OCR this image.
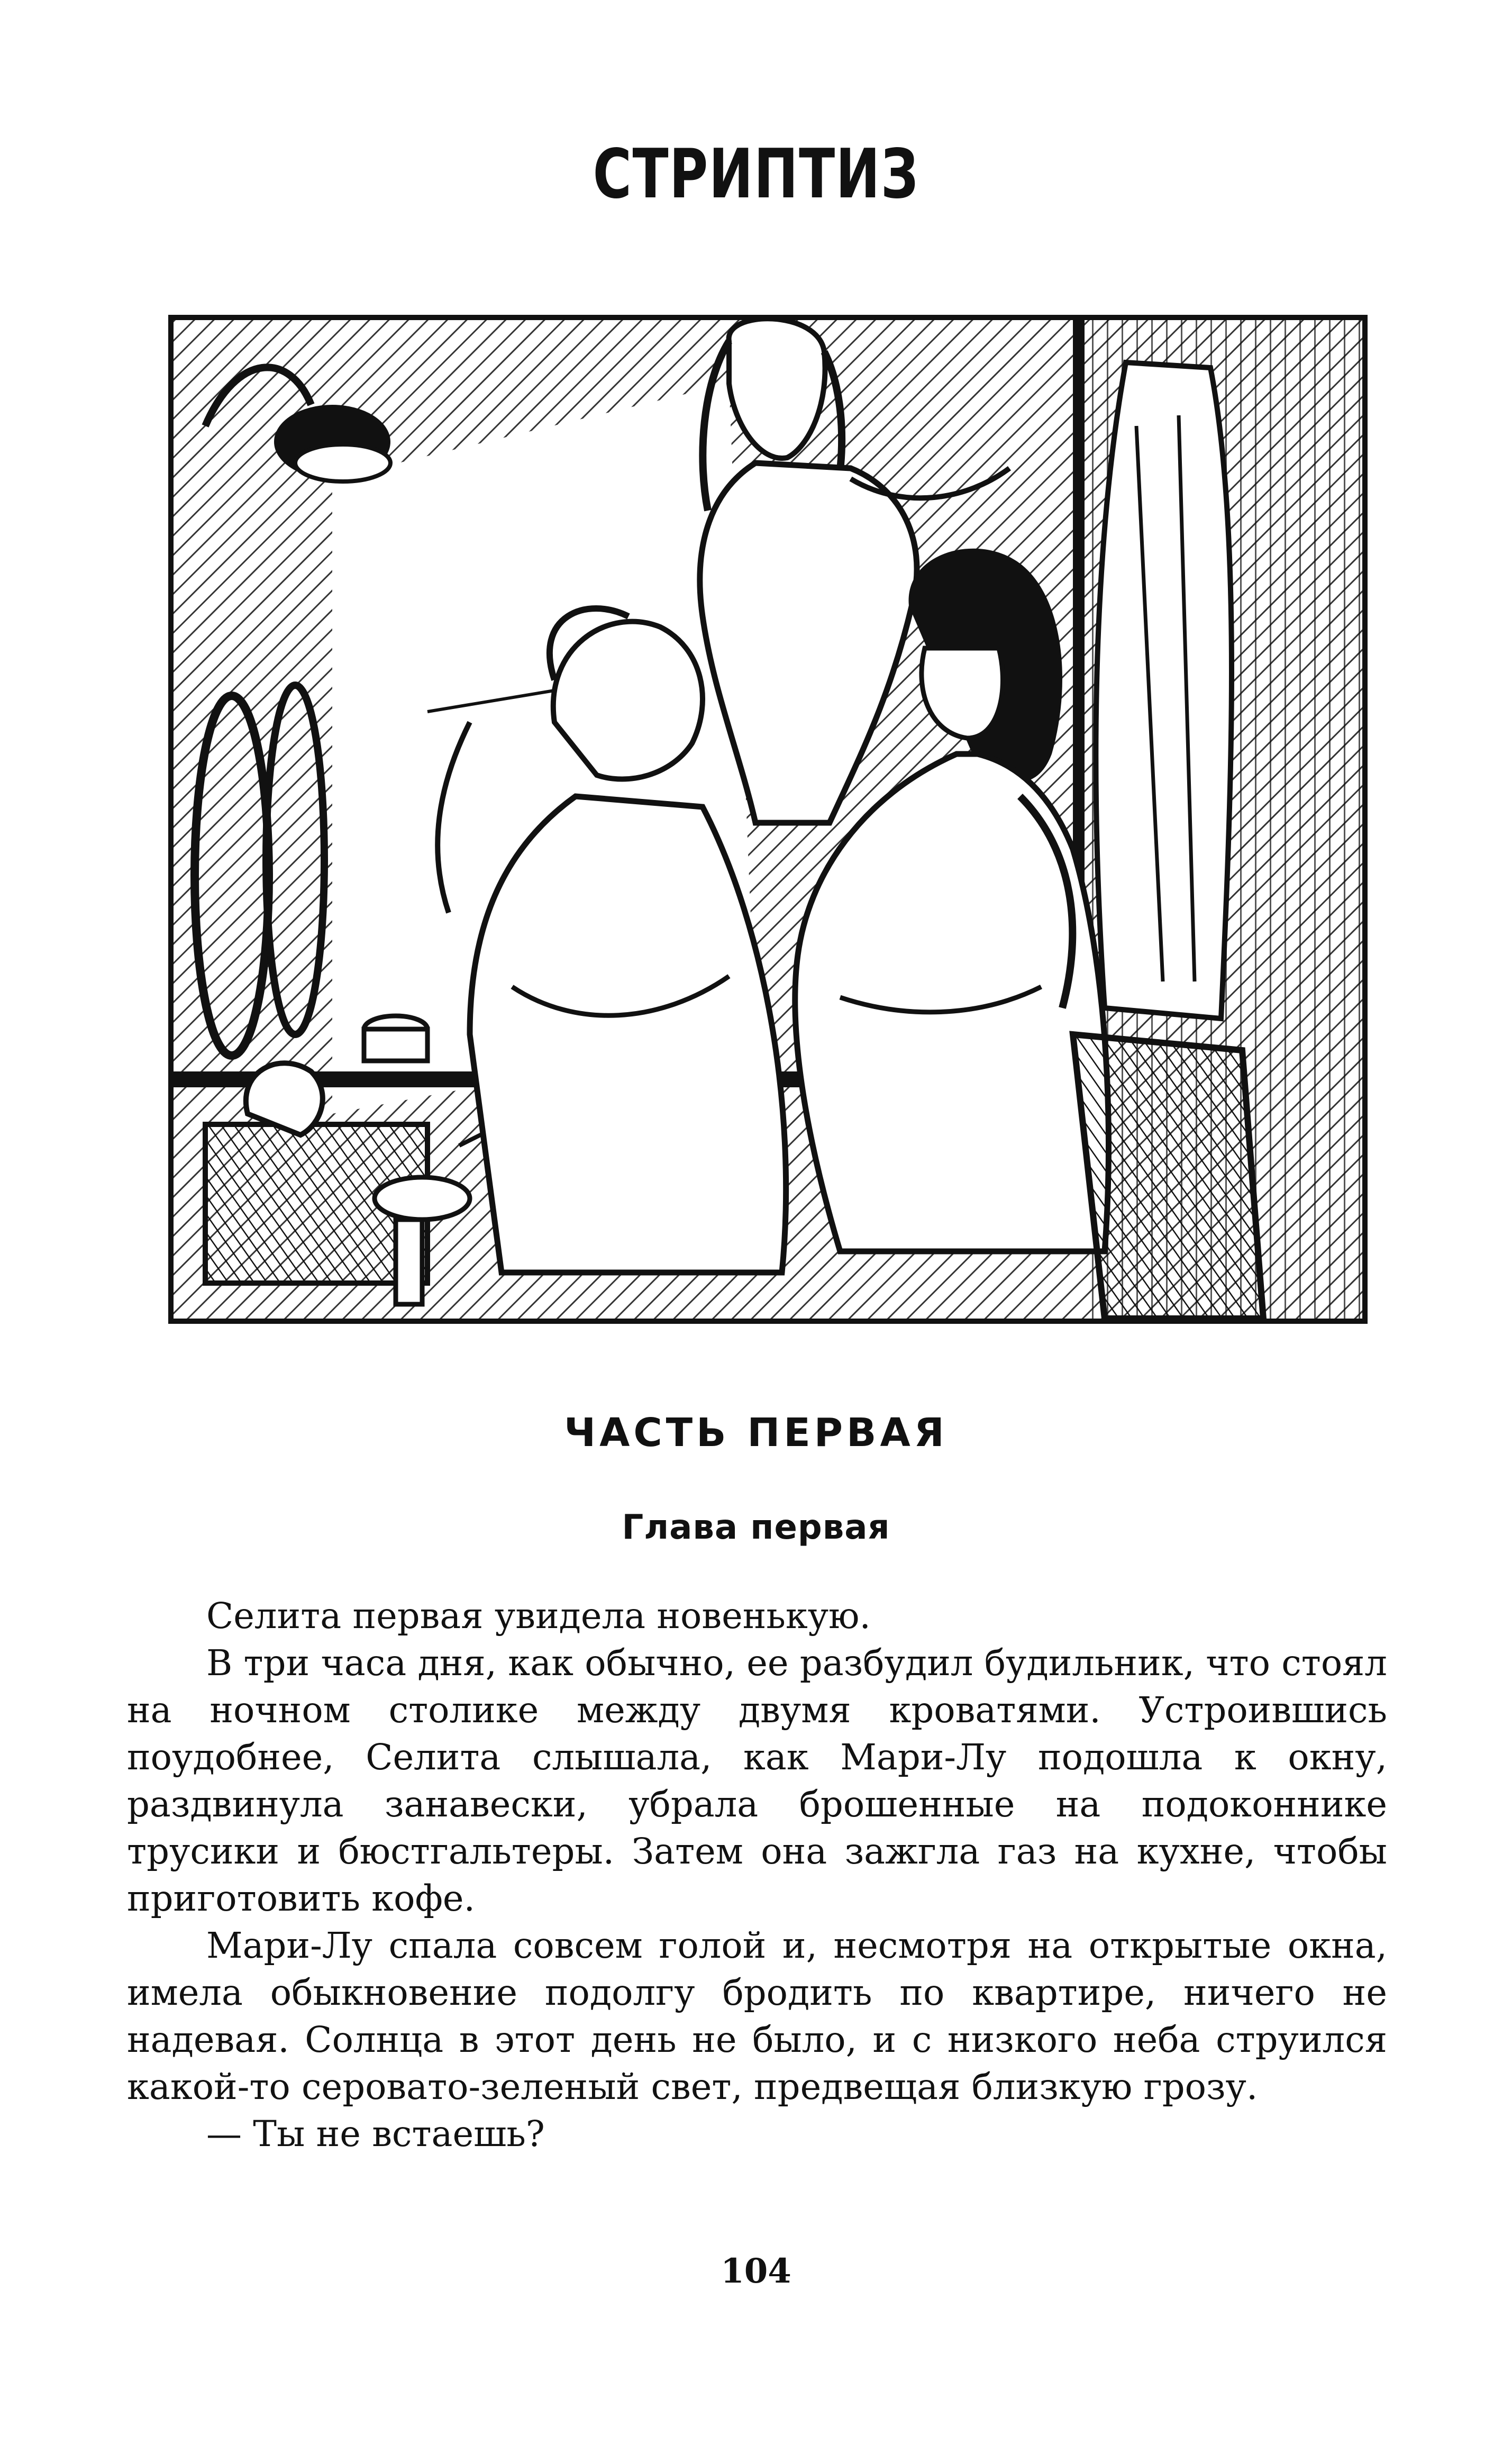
СТРИПТИЗ
ЧАСТЬ ПЕРВАЯ
Глава первая

Селита первая увидела новенькую.

В три часа дня, как обычно, ее разбудил будильник, что стоял на ночном столике между двумя кроватями. Устроившись поудобнее, Селита слышала, как Мари-Лу подошла к окну, раздвинула занавески, убрала брошенные на подоконнике трусики и бюстгальтеры. Затем она зажгла газ на кухне, чтобы приготовить кофе.

Мари-Лу спала совсем голой и, несмотря на открытые окна, имела обыкновение подолгу бродить по квартире, ничего не надевая. Солнца в этот день не было, и с низкого неба струился какой-то серовато-зеленый свет, предвещая близкую грозу.

— Ты не встаешь?

104
